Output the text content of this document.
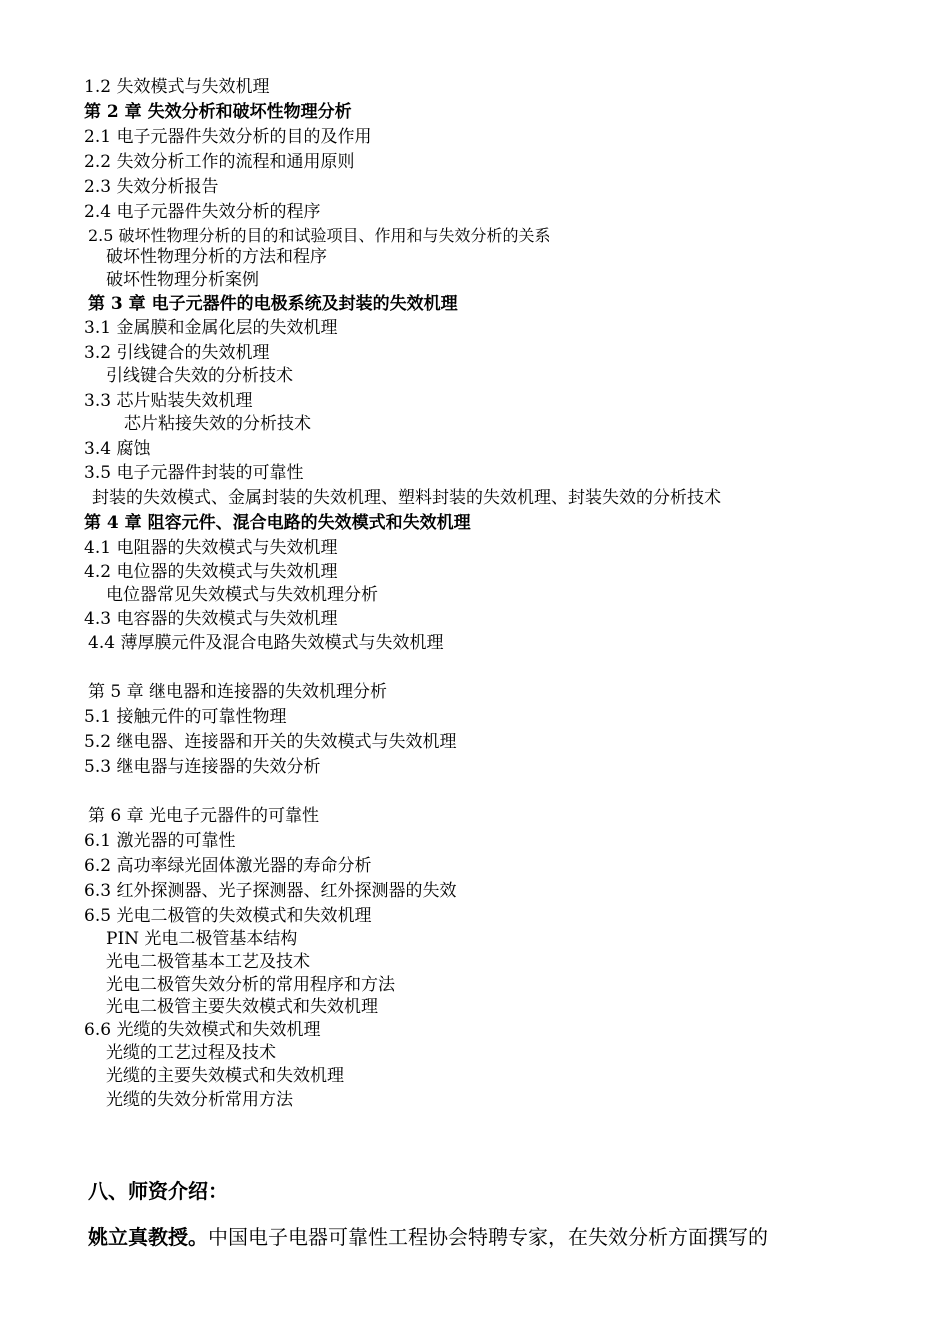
1.2 失效模式与失效机理
第 2 章 失效分析和破坏性物理分析
2.1 电子元器件失效分析的目的及作用
2.2 失效分析工作的流程和通用原则
2.3 失效分析报告
2.4 电子元器件失效分析的程序
2.5 破坏性物理分析的目的和试验项目、作用和与失效分析的关系
破坏性物理分析的方法和程序
破坏性物理分析案例
第 3 章 电子元器件的电极系统及封装的失效机理
3.1 金属膜和金属化层的失效机理
3.2 引线键合的失效机理
引线键合失效的分析技术
3.3 芯片贴装失效机理
芯片粘接失效的分析技术
3.4 腐蚀
3.5 电子元器件封装的可靠性
封装的失效模式、金属封装的失效机理、塑料封装的失效机理、封装失效的分析技术
第 4 章 阻容元件、混合电路的失效模式和失效机理
4.1 电阻器的失效模式与失效机理
4.2 电位器的失效模式与失效机理
电位器常见失效模式与失效机理分析
4.3 电容器的失效模式与失效机理
4.4 薄厚膜元件及混合电路失效模式与失效机理
第 5 章 继电器和连接器的失效机理分析
5.1 接触元件的可靠性物理
5.2 继电器、连接器和开关的失效模式与失效机理
5.3 继电器与连接器的失效分析
第 6 章 光电子元器件的可靠性
6.1 激光器的可靠性
6.2 高功率绿光固体激光器的寿命分析
6.3 红外探测器、光子探测器、红外探测器的失效
6.5 光电二极管的失效模式和失效机理
PIN 光电二极管基本结构
光电二极管基本工艺及技术
光电二极管失效分析的常用程序和方法
光电二极管主要失效模式和失效机理
6.6 光缆的失效模式和失效机理
光缆的工艺过程及技术
光缆的主要失效模式和失效机理
光缆的失效分析常用方法
八、师资介绍：
姚立真教授。中国电子电器可靠性工程协会特聘专家，在失效分析方面撰写的
